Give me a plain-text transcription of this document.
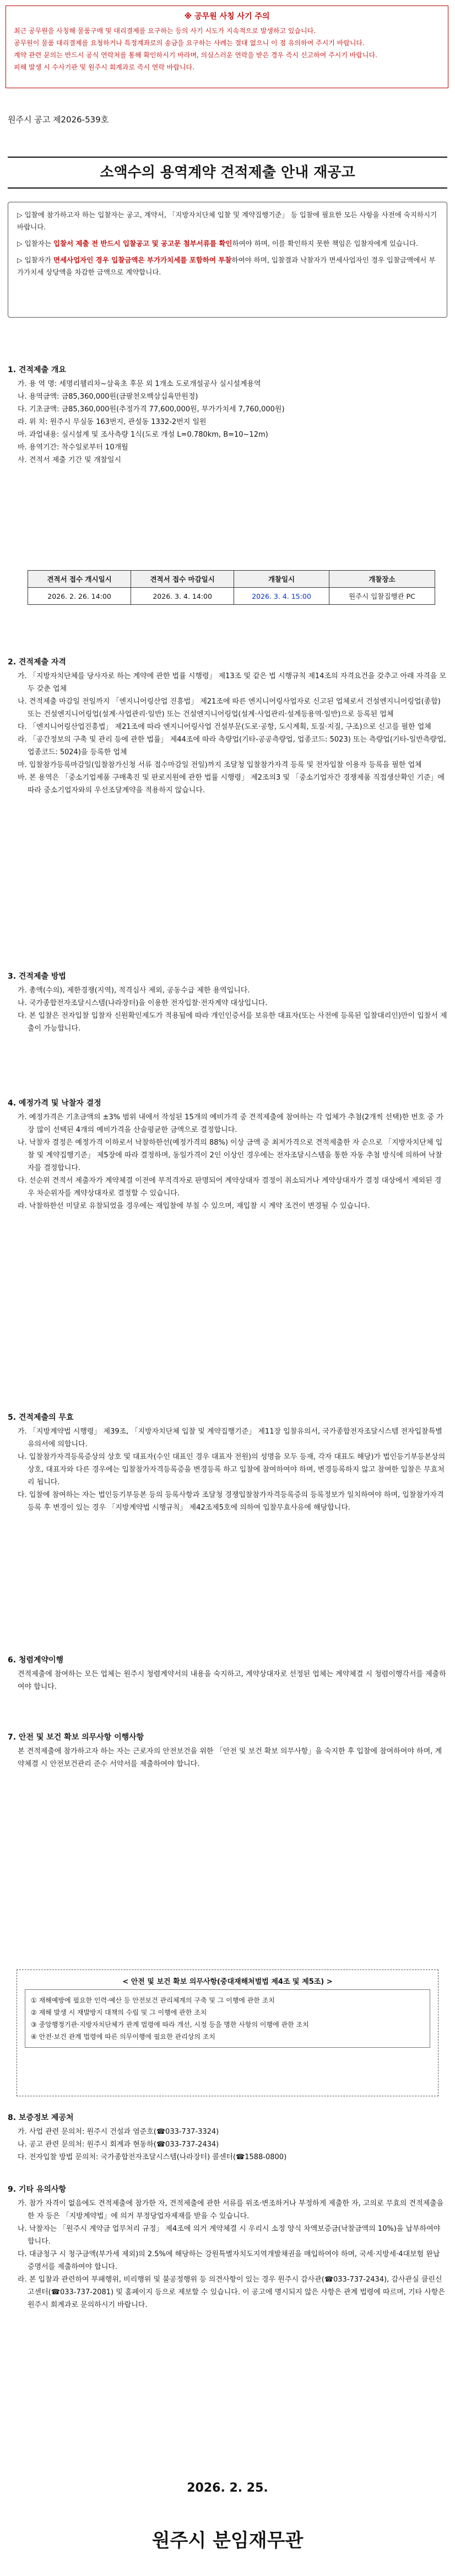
※ 공무원 사칭 사기 주의
최근 공무원을 사칭해 물품구매 및 대리결제를 요구하는 등의 사기 시도가 지속적으로 발생하고 있습니다.
공무원이 물품 대리결제를 요청하거나 특정계좌로의 송금을 요구하는 사례는 절대 없으니 이 점 유의하여 주시기 바랍니다.
계약 관련 문의는 반드시 공식 연락처를 통해 확인하시기 바라며, 의심스러운 연락을 받은 경우 즉시 신고하여 주시기 바랍니다.
피해 발생 시 수사기관 및 원주시 회계과로 즉시 연락 바랍니다.
원주시 공고 제2026-539호
소액수의 용역계약 견적제출 안내 재공고

▷ 입찰에 참가하고자 하는 입찰자는 공고, 계약서, 「지방자치단체 입찰 및 계약집행기준」 등 입찰에 필요한 모든 사항을 사전에 숙지하시기 바랍니다.

▷ 입찰자는 입찰서 제출 전 반드시 입찰공고 및 공고문 첨부서류를 확인하여야 하며, 이를 확인하지 못한 책임은 입찰자에게 있습니다.

▷ 입찰자가 면세사업자인 경우 입찰금액은 부가가치세를 포함하여 투찰하여야 하며, 입찰결과 낙찰자가 면세사업자인 경우 입찰금액에서 부가가치세 상당액을 차감한 금액으로 계약합니다.

1. 견적제출 개요

가. 용 역 명: 세명리웰리차~삼육초 후문 외 1개소 도로개설공사 실시설계용역

나. 용역금액: 금85,360,000원(금팔천오백삼십육만원정)

다. 기초금액: 금85,360,000원(추정가격 77,600,000원, 부가가치세 7,760,000원)

라. 위 치: 원주시 무실동 163번지, 관설동 1332-2번지 일원

마. 과업내용: 실시설계 및 조사측량 1식(도로 개설 L=0.780km, B=10~12m)

바. 용역기간: 착수일로부터 10개월

사. 견적서 제출 기간 및 개찰일시

견적서 접수 개시일시	견적서 접수 마감일시	개찰일시	개찰장소
2026. 2. 26. 14:00	2026. 3. 4. 14:00	2026. 3. 4. 15:00	원주시 입찰집행관 PC
2. 견적제출 자격

가. 「지방자치단체를 당사자로 하는 계약에 관한 법률 시행령」 제13조 및 같은 법 시행규칙 제14조의 자격요건을 갖추고 아래 자격을 모두 갖춘 업체

나. 견적제출 마감일 전일까지 「엔지니어링산업 진흥법」 제21조에 따른 엔지니어링사업자로 신고된 업체로서 건설엔지니어링업(종합) 또는 건설엔지니어링업(설계·사업관리·일반) 또는 건설엔지니어링업(설계·사업관리·설계등용역·일반)으로 등록된 업체

다. 「엔지니어링산업진흥법」 제21조에 따라 엔지니어링사업 건설부문(도로·공항, 도시계획, 토질·지질, 구조)으로 신고를 필한 업체

라. 「공간정보의 구축 및 관리 등에 관한 법률」 제44조에 따라 측량업(기타-공공측량업, 업종코드: 5023) 또는 측량업(기타-일반측량업, 업종코드: 5024)을 등록한 업체

마. 입찰참가등록마감일(입찰참가신청 서류 접수마감일 전일)까지 조달청 입찰참가자격 등록 및 전자입찰 이용자 등록을 필한 업체

바. 본 용역은 「중소기업제품 구매촉진 및 판로지원에 관한 법률 시행령」 제2조의3 및 「중소기업자간 경쟁제품 직접생산확인 기준」에 따라 중소기업자와의 우선조달계약을 적용하지 않습니다.

3. 견적제출 방법

가. 총액(수의), 제한경쟁(지역), 적격심사 제외, 공동수급 제한 용역입니다.

나. 국가종합전자조달시스템(나라장터)을 이용한 전자입찰·전자계약 대상입니다.

다. 본 입찰은 전자입찰 입찰자 신원확인제도가 적용됨에 따라 개인인증서를 보유한 대표자(또는 사전에 등록된 입찰대리인)만이 입찰서 제출이 가능합니다.

4. 예정가격 및 낙찰자 결정

가. 예정가격은 기초금액의 ±3% 범위 내에서 작성된 15개의 예비가격 중 견적제출에 참여하는 각 업체가 추첨(2개씩 선택)한 번호 중 가장 많이 선택된 4개의 예비가격을 산술평균한 금액으로 결정합니다.

나. 낙찰자 결정은 예정가격 이하로서 낙찰하한선(예정가격의 88%) 이상 금액 중 최저가격으로 견적제출한 자 순으로 「지방자치단체 입찰 및 계약집행기준」 제5장에 따라 결정하며, 동일가격이 2인 이상인 경우에는 전자조달시스템을 통한 자동 추첨 방식에 의하여 낙찰자를 결정합니다.

다. 선순위 견적서 제출자가 계약체결 이전에 부적격자로 판명되어 계약상대자 결정이 취소되거나 계약상대자가 결정 대상에서 제외된 경우 차순위자를 계약상대자로 결정할 수 있습니다.

라. 낙찰하한선 미달로 유찰되었을 경우에는 재입찰에 부칠 수 있으며, 재입찰 시 계약 조건이 변경될 수 있습니다.

5. 견적제출의 무효

가. 「지방계약법 시행령」 제39조, 「지방자치단체 입찰 및 계약집행기준」 제11장 입찰유의서, 국가종합전자조달시스템 전자입찰특별유의서에 의합니다.

나. 입찰참가자격등록증상의 상호 및 대표자(수인 대표인 경우 대표자 전원)의 성명을 모두 등재, 각자 대표도 해당)가 법인등기부등본상의 상호, 대표자와 다른 경우에는 입찰참가자격등록증을 변경등록 하고 입찰에 참여하여야 하며, 변경등록하지 않고 참여한 입찰은 무효처리 됩니다.

다. 입찰에 참여하는 자는 법인등기부등본 등의 등록사항과 조달청 경쟁입찰참가자격등록증의 등록정보가 일치하여야 하며, 입찰참가자격등록 후 변경이 있는 경우 「지방계약법 시행규칙」 제42조제5호에 의하여 입찰무효사유에 해당합니다.

6. 청렴계약이행

견적제출에 참여하는 모든 업체는 원주시 청렴계약서의 내용을 숙지하고, 계약상대자로 선정된 업체는 계약체결 시 청렴이행각서를 제출하여야 합니다.

7. 안전 및 보건 확보 의무사항 이행사항

본 견적제출에 참가하고자 하는 자는 근로자의 안전보건을 위한 「안전 및 보건 확보 의무사항」을 숙지한 후 입찰에 참여하여야 하며, 계약체결 시 안전보건관리 준수 서약서를 제출하여야 합니다.

< 안전 및 보건 확보 의무사항(중대재해처벌법 제4조 및 제5조) >
① 재해예방에 필요한 인력·예산 등 안전보건 관리체계의 구축 및 그 이행에 관한 조치
② 재해 발생 시 재발방지 대책의 수립 및 그 이행에 관한 조치
③ 중앙행정기관·지방자치단체가 관계 법령에 따라 개선, 시정 등을 명한 사항의 이행에 관한 조치
④ 안전·보건 관계 법령에 따른 의무이행에 필요한 관리상의 조치
8. 보증정보 제공처

가. 사업 관련 문의처: 원주시 건설과 염준호(☎033-737-3324)

나. 공고 관련 문의처: 원주시 회계과 현동하(☎033-737-2434)

다. 전자입찰 방법 문의처: 국가종합전자조달시스템(나라장터) 콜센터(☎1588-0800)

9. 기타 유의사항

가. 참가 자격이 없음에도 견적제출에 참가한 자, 견적제출에 관한 서류를 위조·변조하거나 부정하게 제출한 자, 고의로 무효의 견적제출을 한 자 등은 「지방계약법」에 의거 부정당업자제재를 받을 수 있습니다.

나. 낙찰자는 「원주시 계약금 업무처리 규정」 제4조에 의거 계약체결 시 우리시 소정 양식 차액보증금(낙찰금액의 10%)을 납부하여야 합니다.

다. 대금청구 시 청구금액(부가세 제외)의 2.5%에 해당하는 강원특별자치도지역개발채권을 매입하여야 하며, 국세·지방세·4대보험 완납 증명서를 제출하여야 합니다.

라. 본 입찰과 관련하여 부패행위, 비리행위 및 불공정행위 등 의견사항이 있는 경우 원주시 감사관(☎033-737-2434), 감사관실 클린신고센터(☎033-737-2081) 및 홈페이지 등으로 제보할 수 있습니다. 이 공고에 명시되지 않은 사항은 관계 법령에 따르며, 기타 사항은 원주시 회계과로 문의하시기 바랍니다.

2026. 2. 25.
원주시 분임재무관
